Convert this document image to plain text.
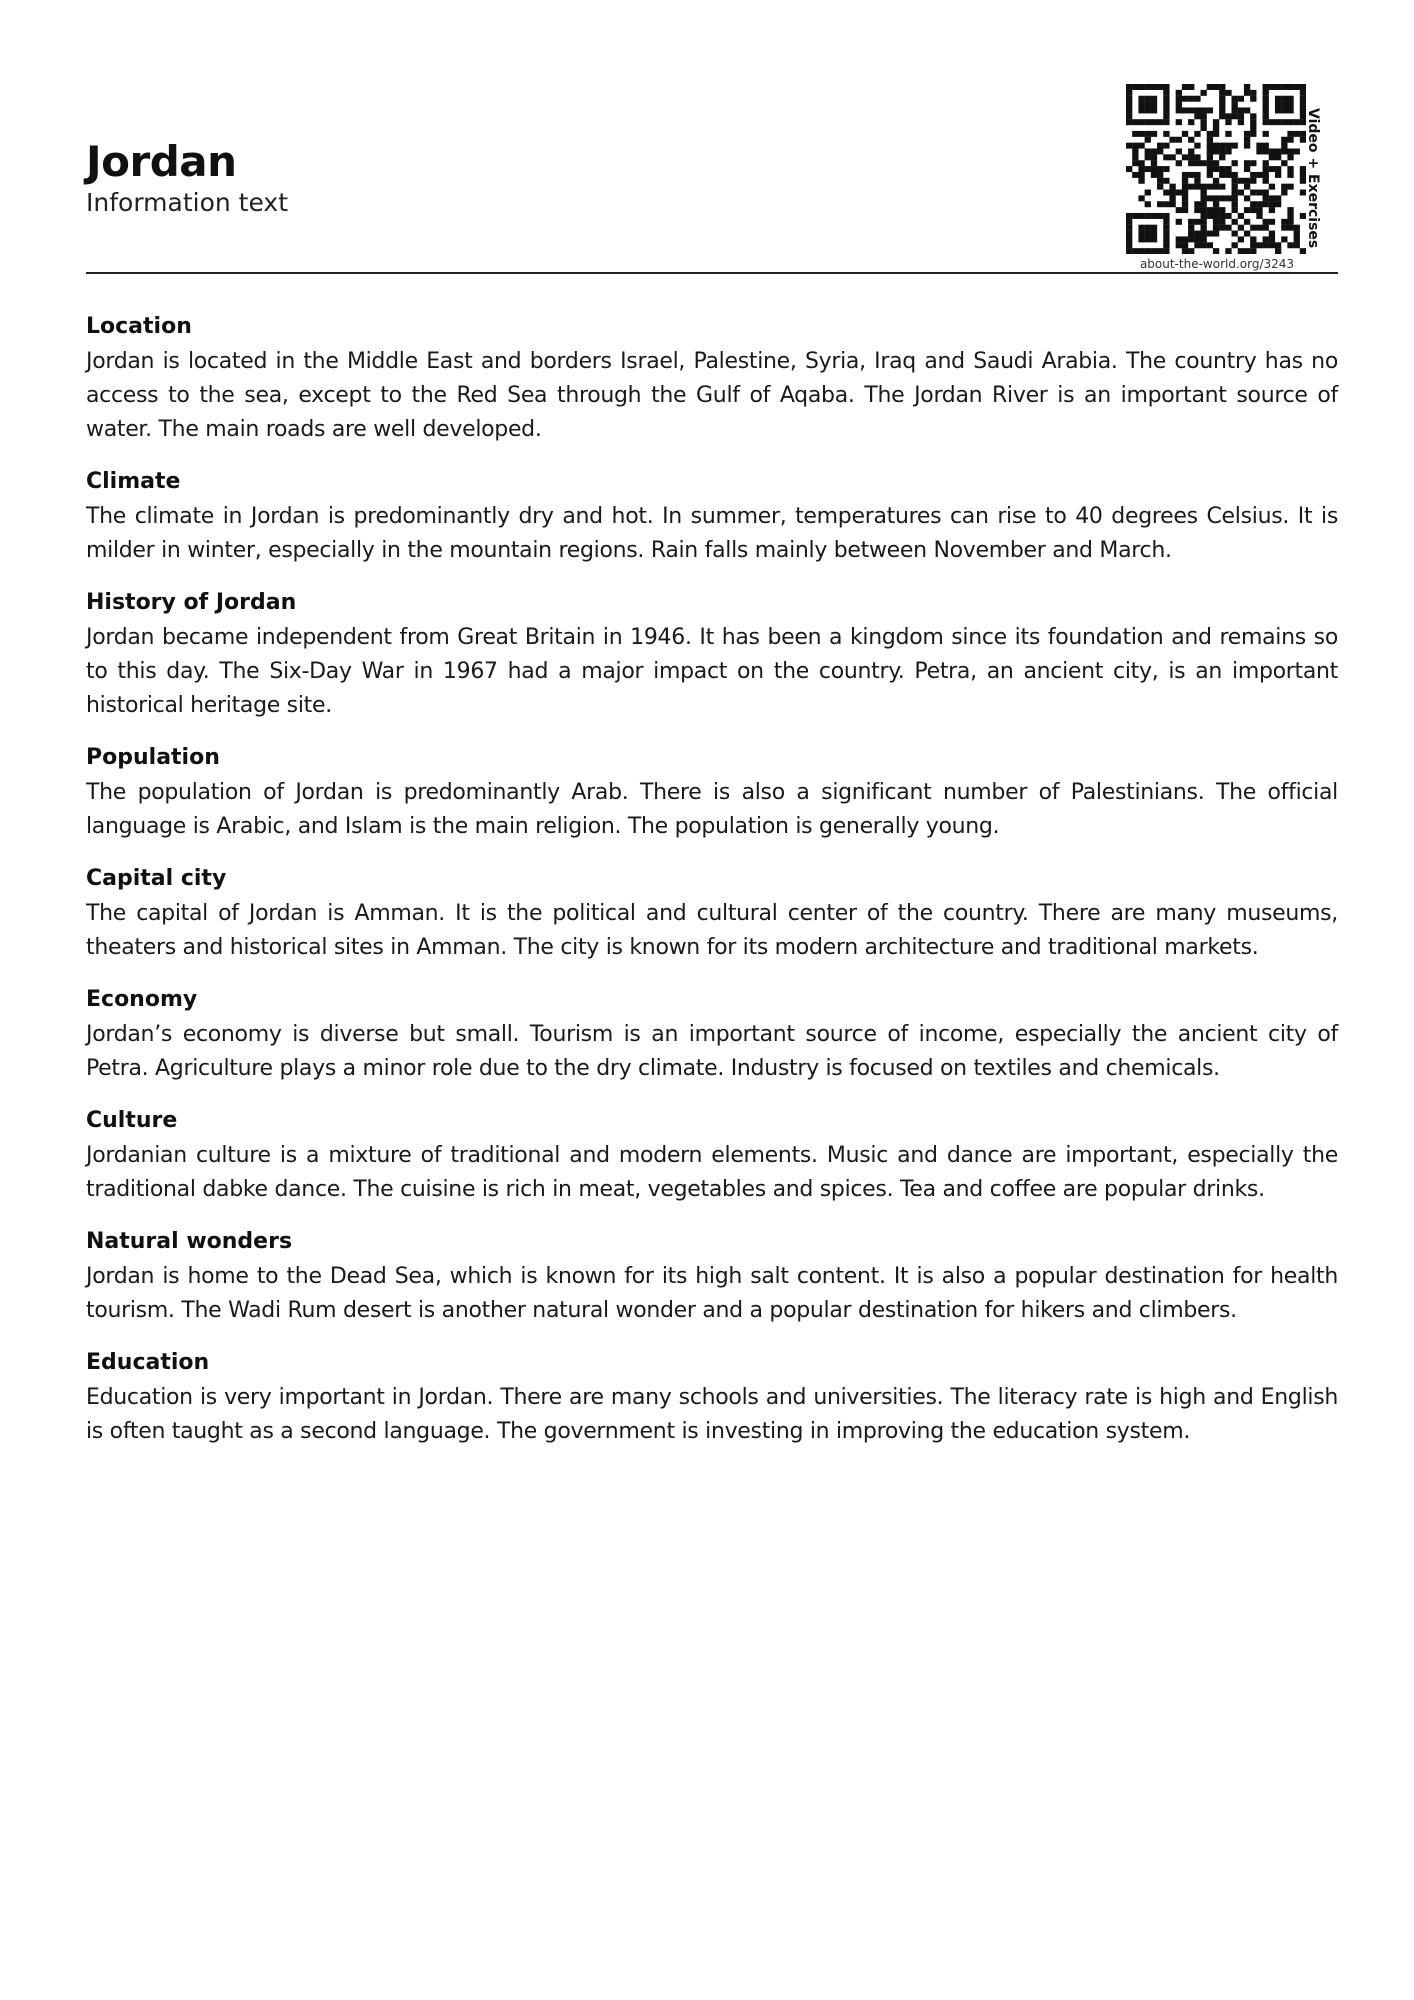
Jordan
Information text
about-the-world.org/3243
Video + Exercises
Location

Jordan is located in the Middle East and borders Israel, Palestine, Syria, Iraq and Saudi Arabia. The country has no access to the sea, except to the Red Sea through the Gulf of Aqaba. The Jordan River is an important source of water. The main roads are well developed.

Climate

The climate in Jordan is predominantly dry and hot. In summer, temperatures can rise to 40 degrees Celsius. It is milder in winter, especially in the mountain regions. Rain falls mainly between November and March.

History of Jordan

Jordan became independent from Great Britain in 1946. It has been a kingdom since its foundation and remains so to this day. The Six-Day War in 1967 had a major impact on the country. Petra, an ancient city, is an important historical heritage site.

Population

The population of Jordan is predominantly Arab. There is also a significant number of Palestinians. The official language is Arabic, and Islam is the main religion. The population is generally young.

Capital city

The capital of Jordan is Amman. It is the political and cultural center of the country. There are many museums, theaters and historical sites in Amman. The city is known for its modern architecture and traditional markets.

Economy

Jordan’s economy is diverse but small. Tourism is an important source of income, especially the ancient city of Petra. Agriculture plays a minor role due to the dry climate. Industry is focused on textiles and chemicals.

Culture

Jordanian culture is a mixture of traditional and modern elements. Music and dance are important, especially the traditional dabke dance. The cuisine is rich in meat, vegetables and spices. Tea and coffee are popular drinks.

Natural wonders

Jordan is home to the Dead Sea, which is known for its high salt content. It is also a popular destination for health tourism. The Wadi Rum desert is another natural wonder and a popular destination for hikers and climbers.

Education

Education is very important in Jordan. There are many schools and universities. The literacy rate is high and English is often taught as a second language. The government is investing in improving the education system.
